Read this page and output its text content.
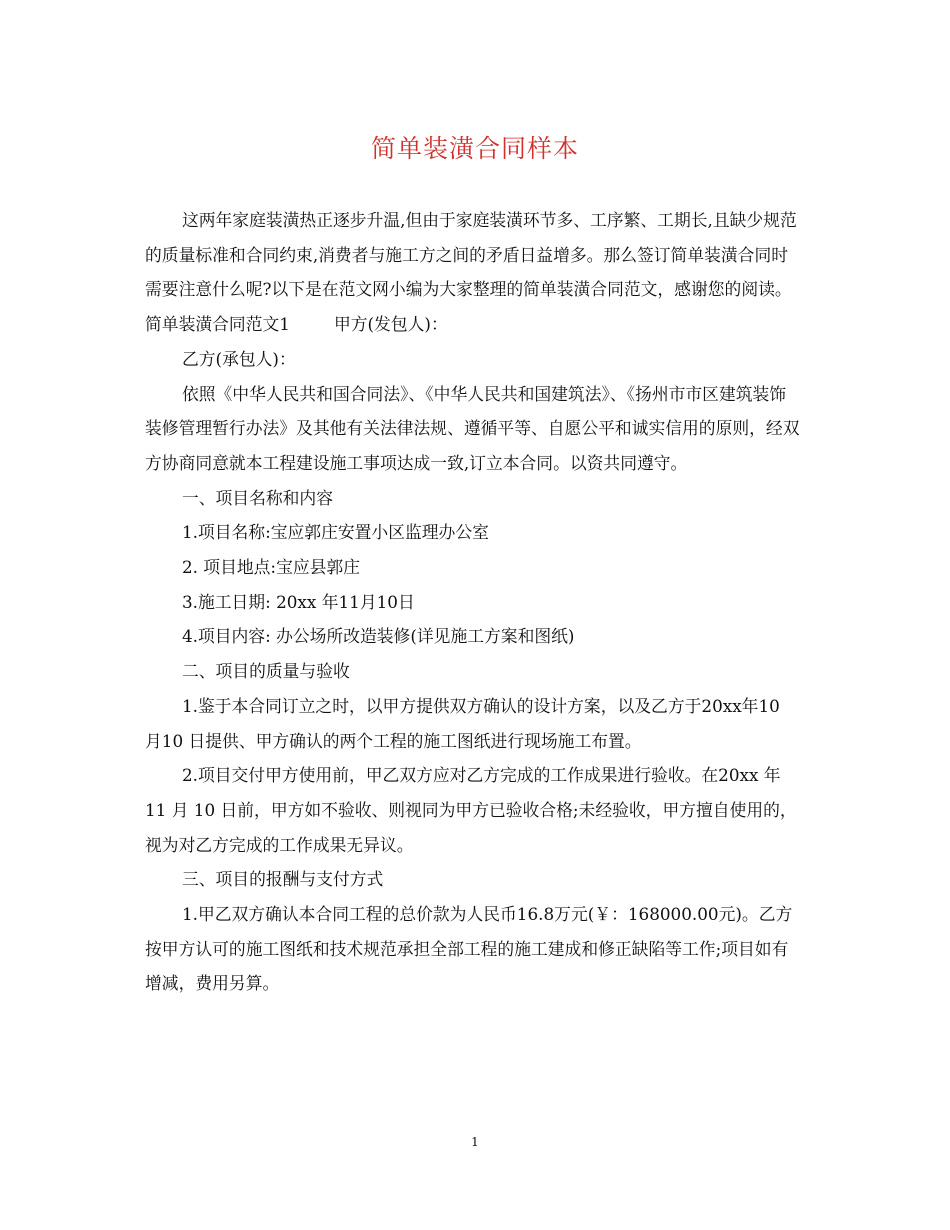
简单装潢合同样本

这两年家庭装潢热正逐步升温,但由于家庭装潢环节多、工序繁、工期长,且缺少规范的质量标准和合同约束,消费者与施工方之间的矛盾日益增多。那么签订简单装潢合同时需要注意什么呢?以下是在范文网小编为大家整理的简单装潢合同范文，感谢您的阅读。

简单装潢合同范文1	甲方(发包人)：

乙方(承包人)：

依照《中华人民共和国合同法》、《中华人民共和国建筑法》、《扬州市市区建筑装饰装修管理暂行办法》及其他有关法律法规、遵循平等、自愿公平和诚实信用的原则，经双方协商同意就本工程建设施工事项达成一致,订立本合同。以资共同遵守。

一、项目名称和内容

1.项目名称:宝应郭庄安置小区监理办公室

2. 项目地点:宝应县郭庄

3.施工日期: 20xx 年11月10日

4.项目内容: 办公场所改造装修(详见施工方案和图纸)

二、项目的质量与验收

1.鉴于本合同订立之时，以甲方提供双方确认的设计方案，以及乙方于20xx年10 月10 日提供、甲方确认的两个工程的施工图纸进行现场施工布置。

2.项目交付甲方使用前，甲乙双方应对乙方完成的工作成果进行验收。在20xx 年 11 月 10 日前，甲方如不验收、则视同为甲方已验收合格;未经验收，甲方擅自使用的，视为对乙方完成的工作成果无异议。

三、项目的报酬与支付方式

1.甲乙双方确认本合同工程的总价款为人民币16.8万元(￥：168000.00元)。乙方按甲方认可的施工图纸和技术规范承担全部工程的施工建成和修正缺陷等工作;项目如有增减，费用另算。

1
